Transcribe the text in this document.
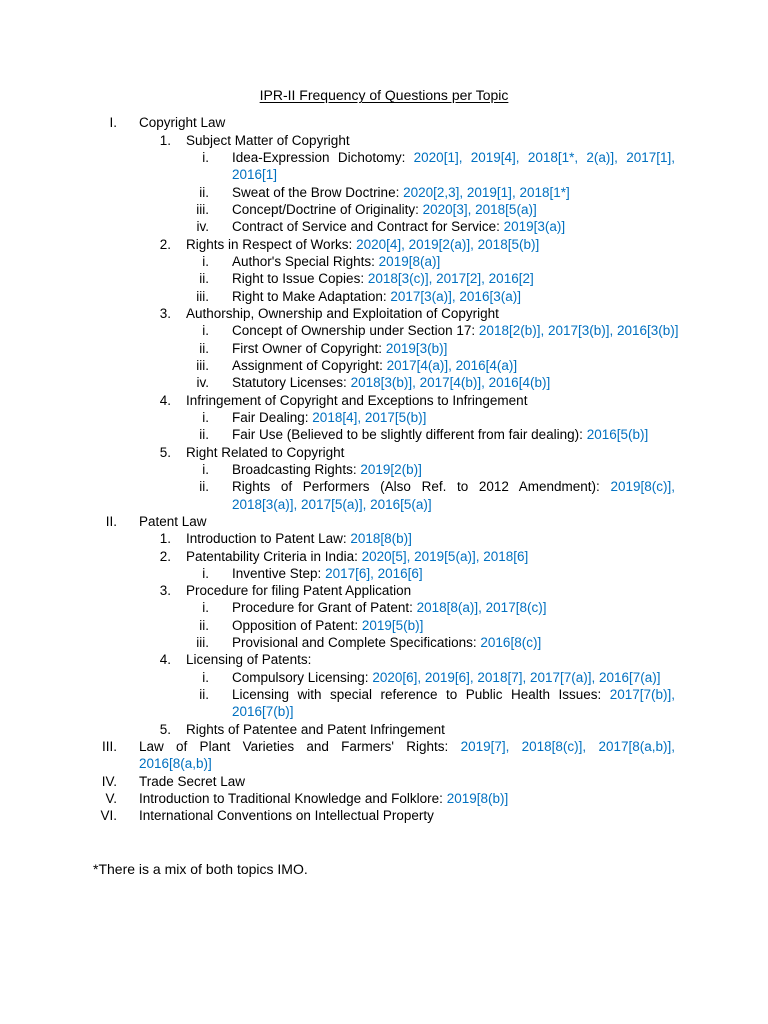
IPR-II Frequency of Questions per Topic
I. Copyright Law
1. Subject Matter of Copyright
i. Idea-Expression Dichotomy: 2020[1], 2019[4], 2018[1*, 2(a)], 2017[1],
2016[1]
ii. Sweat of the Brow Doctrine: 2020[2,3], 2019[1], 2018[1*]
iii. Concept/Doctrine of Originality: 2020[3], 2018[5(a)]
iv. Contract of Service and Contract for Service: 2019[3(a)]
2. Rights in Respect of Works: 2020[4], 2019[2(a)], 2018[5(b)]
i. Author's Special Rights: 2019[8(a)]
ii. Right to Issue Copies: 2018[3(c)], 2017[2], 2016[2]
iii. Right to Make Adaptation: 2017[3(a)], 2016[3(a)]
3. Authorship, Ownership and Exploitation of Copyright
i. Concept of Ownership under Section 17: 2018[2(b)], 2017[3(b)], 2016[3(b)]
ii. First Owner of Copyright: 2019[3(b)]
iii. Assignment of Copyright: 2017[4(a)], 2016[4(a)]
iv. Statutory Licenses: 2018[3(b)], 2017[4(b)], 2016[4(b)]
4. Infringement of Copyright and Exceptions to Infringement
i. Fair Dealing: 2018[4], 2017[5(b)]
ii. Fair Use (Believed to be slightly different from fair dealing): 2016[5(b)]
5. Right Related to Copyright
i. Broadcasting Rights: 2019[2(b)]
ii. Rights of Performers (Also Ref. to 2012 Amendment): 2019[8(c)],
2018[3(a)], 2017[5(a)], 2016[5(a)]
II. Patent Law
1. Introduction to Patent Law: 2018[8(b)]
2. Patentability Criteria in India: 2020[5], 2019[5(a)], 2018[6]
i. Inventive Step: 2017[6], 2016[6]
3. Procedure for filing Patent Application
i. Procedure for Grant of Patent: 2018[8(a)], 2017[8(c)]
ii. Opposition of Patent: 2019[5(b)]
iii. Provisional and Complete Specifications: 2016[8(c)]
4. Licensing of Patents:
i. Compulsory Licensing: 2020[6], 2019[6], 2018[7], 2017[7(a)], 2016[7(a)]
ii. Licensing with special reference to Public Health Issues: 2017[7(b)],
2016[7(b)]
5. Rights of Patentee and Patent Infringement
III. Law of Plant Varieties and Farmers' Rights: 2019[7], 2018[8(c)], 2017[8(a,b)],
2016[8(a,b)]
IV. Trade Secret Law
V. Introduction to Traditional Knowledge and Folklore: 2019[8(b)]
VI. International Conventions on Intellectual Property
*There is a mix of both topics IMO.
